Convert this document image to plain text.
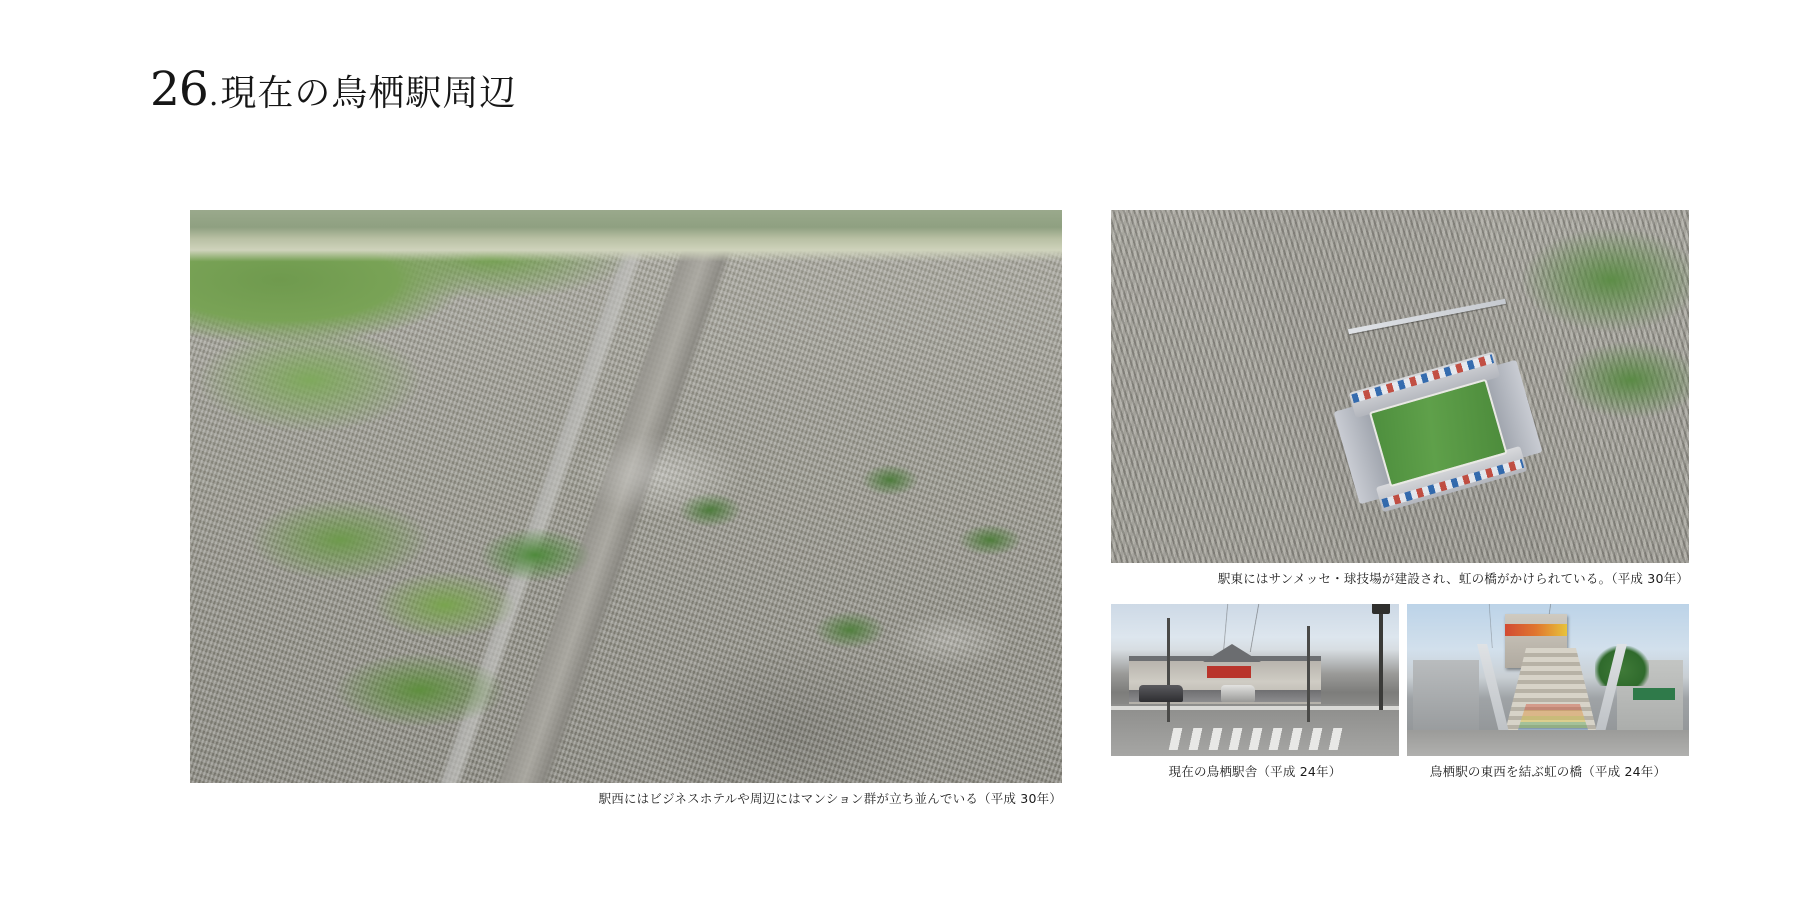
26 . 現在の鳥栖駅周辺
駅西にはビジネスホテルや周辺にはマンション群が立ち並んでいる（平成 30年）
駅東にはサンメッセ・球技場が建設され、虹の橋がかけられている。（平成 30年）
現在の鳥栖駅舎（平成 24年）	鳥栖駅の東西を結ぶ虹の橋（平成 24年）
